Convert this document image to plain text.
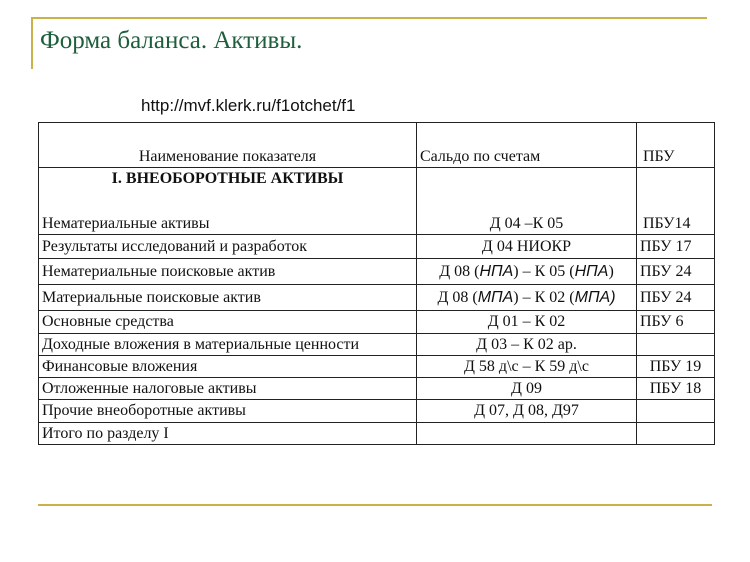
Форма баланса. Активы.
http://mvf.klerk.ru/f1otchet/f1
Наименование показателя	Сальдо по счетам	ПБУ

I. ВНЕОБОРОТНЫЕ АКТИВЫ
Нематериальные активы	Д 04 –К 05	ПБУ14
Результаты исследований и разработок	Д 04 НИОКР	ПБУ 17
Нематериальные поисковые актив	Д 08 (НПА) – К 05 (НПА)	ПБУ 24
Материальные поисковые актив	Д 08 (МПА) – К 02 (МПА)	ПБУ 24
Основные средства	Д 01 – К 02	ПБУ 6
Доходные вложения в материальные ценности	Д 03 – К 02 ар.	
Финансовые вложения	Д 58 д\с – К 59 д\с	ПБУ 19
Отложенные налоговые активы	Д 09	ПБУ 18
Прочие внеоборотные активы	Д 07, Д 08, Д97	
Итого по разделу I		
